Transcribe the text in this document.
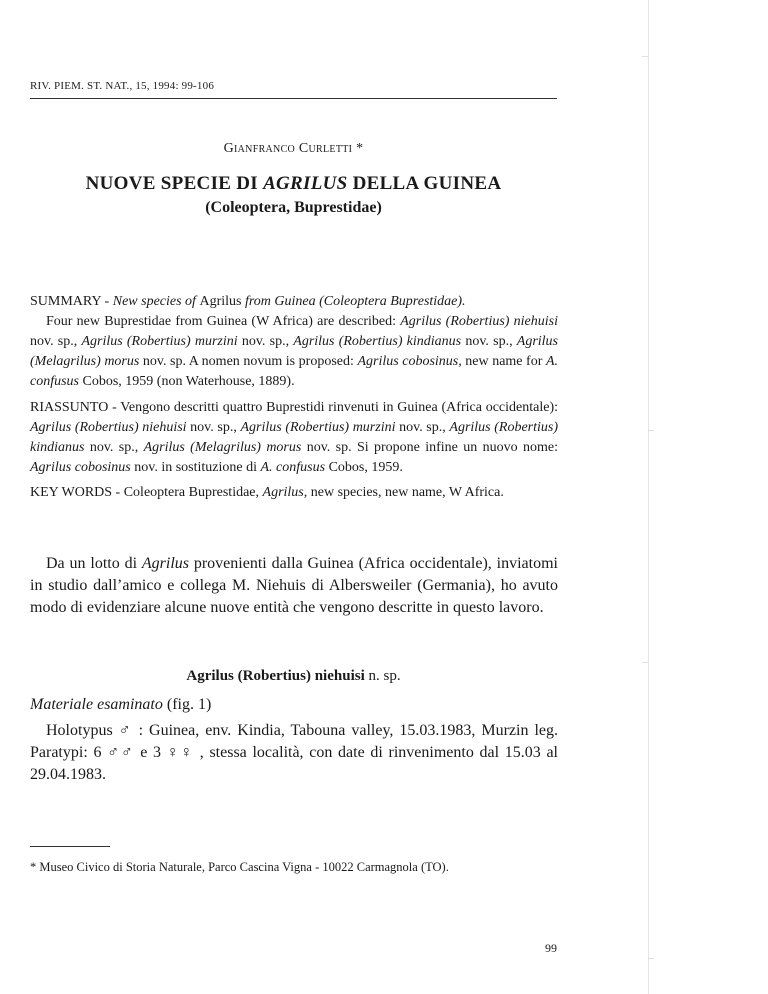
RIV. PIEM. ST. NAT., 15, 1994: 99-106
Gianfranco Curletti *
NUOVE SPECIE DI AGRILUS DELLA GUINEA
(Coleoptera, Buprestidae)

SUMMARY - New species of Agrilus from Guinea (Coleoptera Buprestidae).
Four new Buprestidae from Guinea (W Africa) are described: Agrilus (Robertius) niehuisi nov. sp., Agrilus (Robertius) murzini nov. sp., Agrilus (Robertius) kindianus nov. sp., Agrilus (Melagrilus) morus nov. sp. A nomen novum is proposed: Agrilus cobosinus, new name for A. confusus Cobos, 1959 (non Waterhouse, 1889).

RIASSUNTO - Vengono descritti quattro Buprestidi rinvenuti in Guinea (Africa occidentale): Agrilus (Robertius) niehuisi nov. sp., Agrilus (Robertius) murzini nov. sp., Agrilus (Robertius) kindianus nov. sp., Agrilus (Melagrilus) morus nov. sp. Si propone infine un nuovo nome: Agrilus cobosinus nov. in sostituzione di A. confusus Cobos, 1959.

KEY WORDS - Coleoptera Buprestidae, Agrilus, new species, new name, W Africa.

Da un lotto di Agrilus provenienti dalla Guinea (Africa occidentale), inviatomi in studio dall’amico e collega M. Niehuis di Albersweiler (Germania), ho avuto modo di evidenziare alcune nuove entità che vengono descritte in questo lavoro.

Agrilus (Robertius) niehuisi n. sp.

Materiale esaminato (fig. 1)

Holotypus ♂ : Guinea, env. Kindia, Tabouna valley, 15.03.1983, Murzin leg. Paratypi: 6 ♂♂ e 3 ♀♀ , stessa località, con date di rinvenimento dal 15.03 al 29.04.1983.

* Museo Civico di Storia Naturale, Parco Cascina Vigna - 10022 Carmagnola (TO).

99
